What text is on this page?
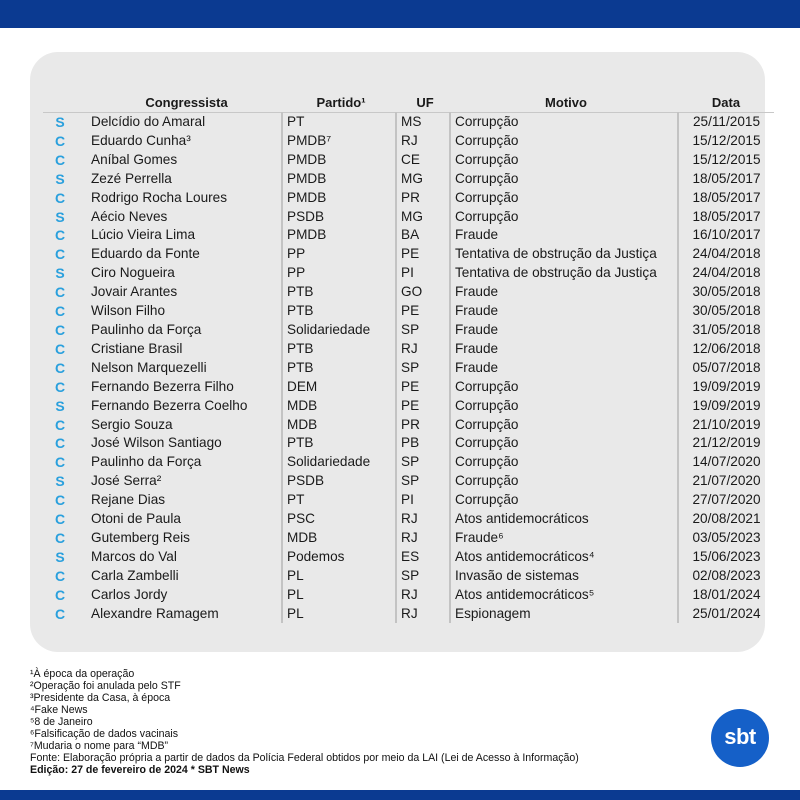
	Congressista	Partido¹	UF	Motivo	Data
S	Delcídio do Amaral	PT	MS	Corrupção	25/11/2015
C	Eduardo Cunha³	PMDB⁷	RJ	Corrupção	15/12/2015
C	Aníbal Gomes	PMDB	CE	Corrupção	15/12/2015
S	Zezé Perrella	PMDB	MG	Corrupção	18/05/2017
C	Rodrigo Rocha Loures	PMDB	PR	Corrupção	18/05/2017
S	Aécio Neves	PSDB	MG	Corrupção	18/05/2017
C	Lúcio Vieira Lima	PMDB	BA	Fraude	16/10/2017
C	Eduardo da Fonte	PP	PE	Tentativa de obstrução da Justiça	24/04/2018
S	Ciro Nogueira	PP	PI	Tentativa de obstrução da Justiça	24/04/2018
C	Jovair Arantes	PTB	GO	Fraude	30/05/2018
C	Wilson Filho	PTB	PE	Fraude	30/05/2018
C	Paulinho da Força	Solidariedade	SP	Fraude	31/05/2018
C	Cristiane Brasil	PTB	RJ	Fraude	12/06/2018
C	Nelson Marquezelli	PTB	SP	Fraude	05/07/2018
C	Fernando Bezerra Filho	DEM	PE	Corrupção	19/09/2019
S	Fernando Bezerra Coelho	MDB	PE	Corrupção	19/09/2019
C	Sergio Souza	MDB	PR	Corrupção	21/10/2019
C	José Wilson Santiago	PTB	PB	Corrupção	21/12/2019
C	Paulinho da Força	Solidariedade	SP	Corrupção	14/07/2020
S	José Serra²	PSDB	SP	Corrupção	21/07/2020
C	Rejane Dias	PT	PI	Corrupção	27/07/2020
C	Otoni de Paula	PSC	RJ	Atos antidemocráticos	20/08/2021
C	Gutemberg Reis	MDB	RJ	Fraude⁶	03/05/2023
S	Marcos do Val	Podemos	ES	Atos antidemocráticos⁴	15/06/2023
C	Carla Zambelli	PL	SP	Invasão de sistemas	02/08/2023
C	Carlos Jordy	PL	RJ	Atos antidemocráticos⁵	18/01/2024
C	Alexandre Ramagem	PL	RJ	Espionagem	25/01/2024
¹À época da operação
²Operação foi anulada pelo STF
³Presidente da Casa, à época
⁴Fake News
⁵8 de Janeiro
⁶Falsificação de dados vacinais
⁷Mudaria o nome para “MDB”
Fonte: Elaboração própria a partir de dados da Polícia Federal obtidos por meio da LAI (Lei de Acesso à Informação)
Edição: 27 de fevereiro de 2024 * SBT News
sbt
